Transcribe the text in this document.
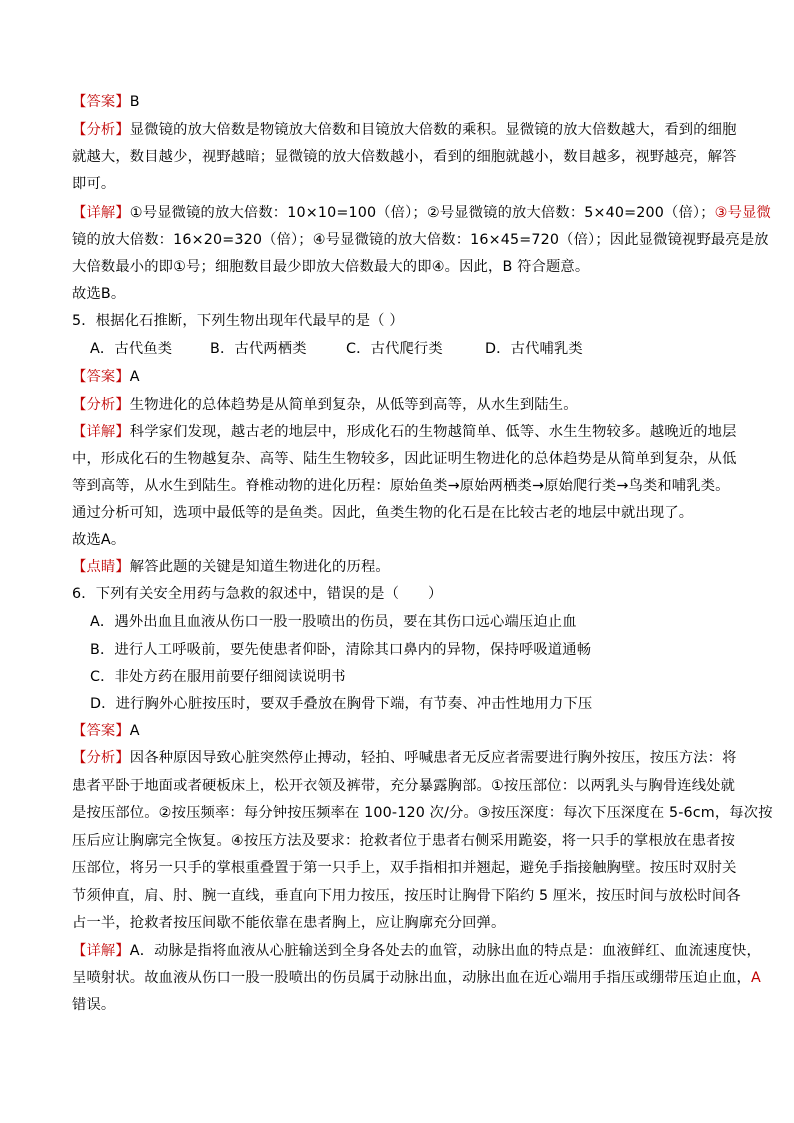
【答案】B
【分析】显微镜的放大倍数是物镜放大倍数和目镜放大倍数的乘积。显微镜的放大倍数越大，看到的细胞
就越大，数目越少，视野越暗；显微镜的放大倍数越小，看到的细胞就越小，数目越多，视野越亮，解答
即可。
【详解】①号显微镜的放大倍数：10×10=100（倍）；②号显微镜的放大倍数：5×40=200（倍）；③号显微
镜的放大倍数：16×20=320（倍）；④号显微镜的放大倍数：16×45=720（倍）；因此显微镜视野最亮是放
大倍数最小的即①号；细胞数目最少即放大倍数最大的即④。因此，B 符合题意。
故选B。
5．根据化石推断，下列生物出现年代最早的是（ ）
A．古代鱼类	B．古代两栖类	C．古代爬行类	D．古代哺乳类
【答案】A
【分析】生物进化的总体趋势是从简单到复杂，从低等到高等，从水生到陆生。
【详解】科学家们发现，越古老的地层中，形成化石的生物越简单、低等、水生生物较多。越晚近的地层
中，形成化石的生物越复杂、高等、陆生生物较多，因此证明生物进化的总体趋势是从简单到复杂，从低
等到高等，从水生到陆生。脊椎动物的进化历程：原始鱼类→原始两栖类→原始爬行类→鸟类和哺乳类。
通过分析可知，选项中最低等的是鱼类。因此，鱼类生物的化石是在比较古老的地层中就出现了。
故选A。
【点睛】解答此题的关键是知道生物进化的历程。
6．下列有关安全用药与急救的叙述中，错误的是（　　）
A．遇外出血且血液从伤口一股一股喷出的伤员，要在其伤口远心端压迫止血
B．进行人工呼吸前，要先使患者仰卧，清除其口鼻内的异物，保持呼吸道通畅
C．非处方药在服用前要仔细阅读说明书
D．进行胸外心脏按压时，要双手叠放在胸骨下端，有节奏、冲击性地用力下压
【答案】A
【分析】因各种原因导致心脏突然停止搏动，轻拍、呼喊患者无反应者需要进行胸外按压，按压方法：将
患者平卧于地面或者硬板床上，松开衣领及裤带，充分暴露胸部。①按压部位：以两乳头与胸骨连线处就
是按压部位。②按压频率：每分钟按压频率在 100-120 次/分。③按压深度：每次下压深度在 5-6cm，每次按
压后应让胸廓完全恢复。④按压方法及要求：抢救者位于患者右侧采用跪姿，将一只手的掌根放在患者按
压部位，将另一只手的掌根重叠置于第一只手上，双手指相扣并翘起，避免手指接触胸壁。按压时双肘关
节须伸直，肩、肘、腕一直线，垂直向下用力按压，按压时让胸骨下陷约 5 厘米，按压时间与放松时间各
占一半，抢救者按压间歇不能依靠在患者胸上，应让胸廓充分回弹。
【详解】A．动脉是指将血液从心脏输送到全身各处去的血管，动脉出血的特点是：血液鲜红、血流速度快，
呈喷射状。故血液从伤口一股一股喷出的伤员属于动脉出血，动脉出血在近心端用手指压或绷带压迫止血，A
错误。
